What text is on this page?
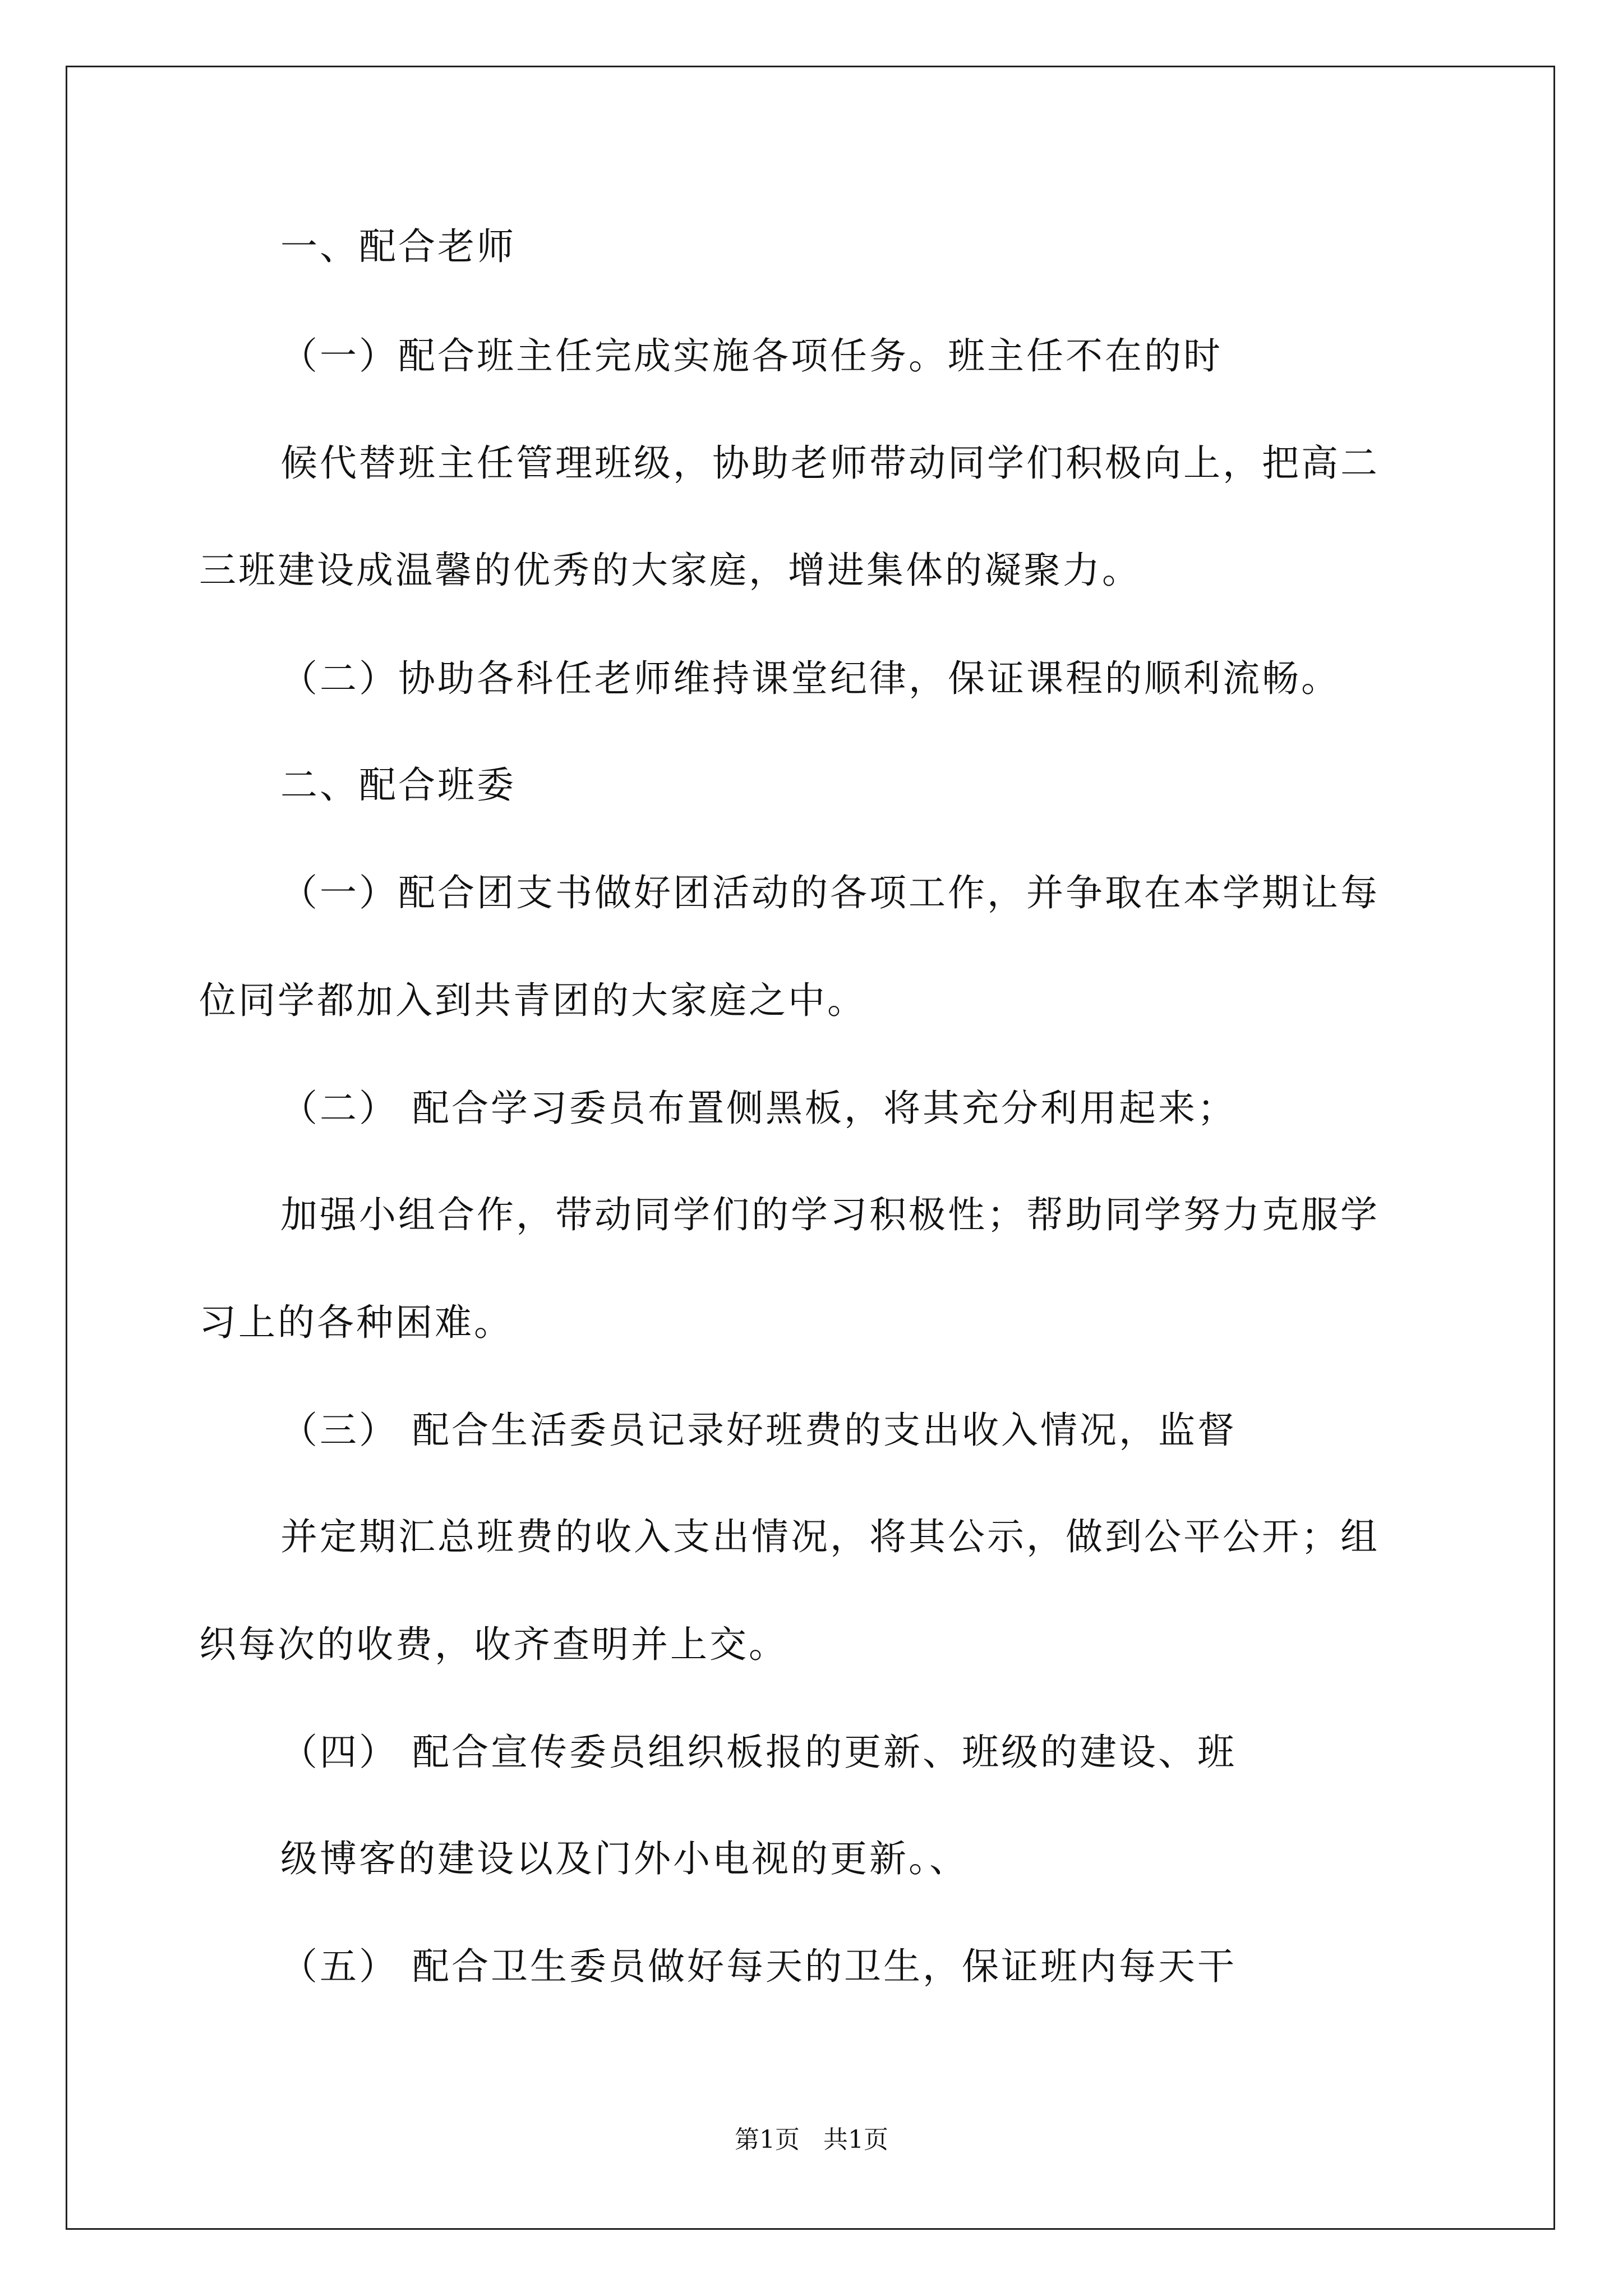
一、配合老师
（一）配合班主任完成实施各项任务。班主任不在的时
候代替班主任管理班级，协助老师带动同学们积极向上，把高二
三班建设成温馨的优秀的大家庭，增进集体的凝聚力。
（二）协助各科任老师维持课堂纪律，保证课程的顺利流畅。
二、配合班委
（一）配合团支书做好团活动的各项工作，并争取在本学期让每
位同学都加入到共青团的大家庭之中。
（二） 配合学习委员布置侧黑板，将其充分利用起来；
加强小组合作，带动同学们的学习积极性；帮助同学努力克服学
习上的各种困难。
（三） 配合生活委员记录好班费的支出收入情况，监督
并定期汇总班费的收入支出情况，将其公示，做到公平公开；组
织每次的收费，收齐查明并上交。
（四） 配合宣传委员组织板报的更新、班级的建设、班
级博客的建设以及门外小电视的更新。、
（五） 配合卫生委员做好每天的卫生，保证班内每天干
第1页   共1页
